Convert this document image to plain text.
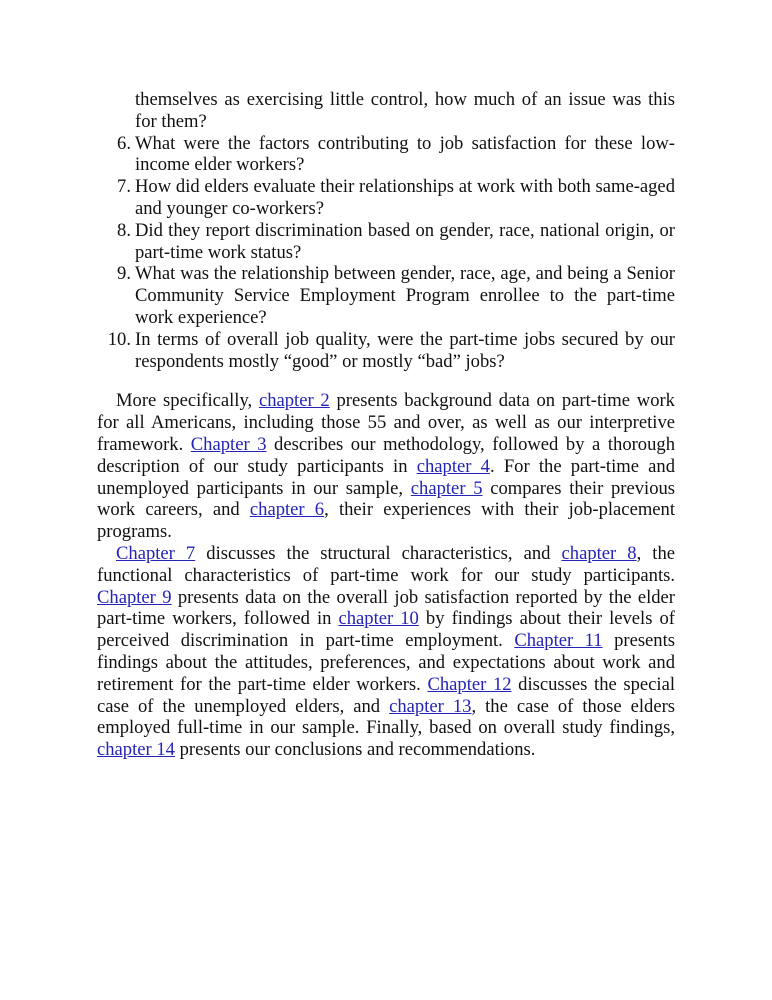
themselves as exercising little control, how much of an issue was this for them?
6. What were the factors contributing to job satisfaction for these low-income elder workers?
7. How did elders evaluate their relationships at work with both same-aged and younger co-workers?
8. Did they report discrimination based on gender, race, national origin, or part-time work status?
9. What was the relationship between gender, race, age, and being a Senior Community Service Employment Program enrollee to the part-time work experience?
10. In terms of overall job quality, were the part-time jobs secured by our respondents mostly “good” or mostly “bad” jobs?

More specifically, chapter 2 presents background data on part-time work for all Americans, including those 55 and over, as well as our interpretive framework. Chapter 3 describes our methodology, followed by a thorough description of our study participants in chapter 4. For the part-time and unemployed participants in our sample, chapter 5 compares their previous work careers, and chapter 6, their experiences with their job-placement programs.

Chapter 7 discusses the structural characteristics, and chapter 8, the functional characteristics of part-time work for our study participants. Chapter 9 presents data on the overall job satisfaction reported by the elder part-time workers, followed in chapter 10 by findings about their levels of perceived discrimination in part-time employment. Chapter 11 presents findings about the attitudes, preferences, and expectations about work and retirement for the part-time elder workers. Chapter 12 discusses the special case of the unemployed elders, and chapter 13, the case of those elders employed full-time in our sample. Finally, based on overall study findings, chapter 14 presents our conclusions and recommendations.
